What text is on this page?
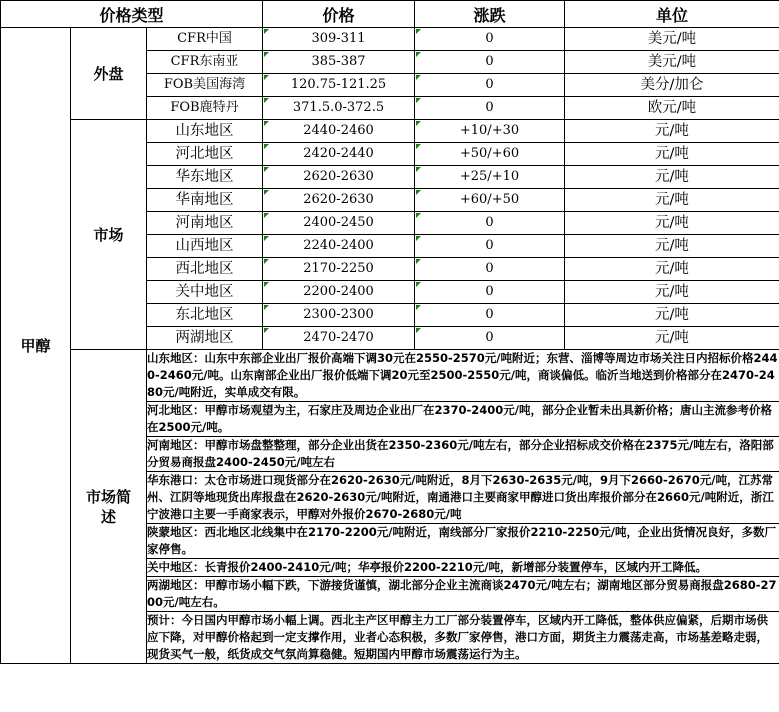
价格类型			价格	涨跌	单位
甲醇	外盘	CFR中国	309-311	0	美元/吨
		CFR东南亚	385-387	0	美元/吨
		FOB美国海湾	120.75-121.25	0	美分/加仑
		FOB鹿特丹	371.5.0-372.5	0	欧元/吨
	市场	山东地区	2440-2460	+10/+30	元/吨
		河北地区	2420-2440	+50/+60	元/吨
		华东地区	2620-2630	+25/+10	元/吨
		华南地区	2620-2630	+60/+50	元/吨
		河南地区	2400-2450	0	元/吨
		山西地区	2240-2400	0	元/吨
		西北地区	2170-2250	0	元/吨
		关中地区	2200-2400	0	元/吨
		东北地区	2300-2300	0	元/吨
		两湖地区	2470-2470	0	元/吨
	市场简述	山东地区：山东中东部企业出厂报价高端下调30元在2550-2570元/吨附近；东营、淄博等周边市场关注日内招标价格2440-2460元/吨。山东南部企业出厂报价低端下调20元至2500-2550元/吨，商谈偏低。临沂当地送到价格部分在2470-2480元/吨附近，实单成交有限。			
		河北地区：甲醇市场观望为主，石家庄及周边企业出厂在2370-2400元/吨，部分企业暂未出具新价格；唐山主流参考价格在2500元/吨。			
		河南地区：甲醇市场盘整整理，部分企业出货在2350-2360元/吨左右，部分企业招标成交价格在2375元/吨左右，洛阳部分贸易商报盘2400-2450元/吨左右			
		华东港口：太仓市场进口现货部分在2620-2630元/吨附近，8月下2630-2635元/吨，9月下2660-2670元/吨，江苏常州、江阴等地现货出库报盘在2620-2630元/吨附近，南通港口主要商家甲醇进口货出库报价部分在2660元/吨附近，浙江宁波港口主要一手商家表示，甲醇对外报价2670-2680元/吨			
		陕蒙地区：西北地区北线集中在2170-2200元/吨附近，南线部分厂家报价2210-2250元/吨，企业出货情况良好，多数厂家停售。			
		关中地区：长青报价2400-2410元/吨；华亭报价2200-2210元/吨，新增部分装置停车，区域内开工降低。			
		两湖地区：甲醇市场小幅下跌，下游接货谨慎，湖北部分企业主流商谈2470元/吨左右；湖南地区部分贸易商报盘2680-2700元/吨左右。			
		预计：今日国内甲醇市场小幅上调。西北主产区甲醇主力工厂部分装置停车，区域内开工降低，整体供应偏紧，后期市场供应下降，对甲醇价格起到一定支撑作用，业者心态积极，多数厂家停售，港口方面，期货主力震荡走高，市场基差略走弱，现货买气一般，纸货成交气氛尚算稳健。短期国内甲醇市场震荡运行为主。			
